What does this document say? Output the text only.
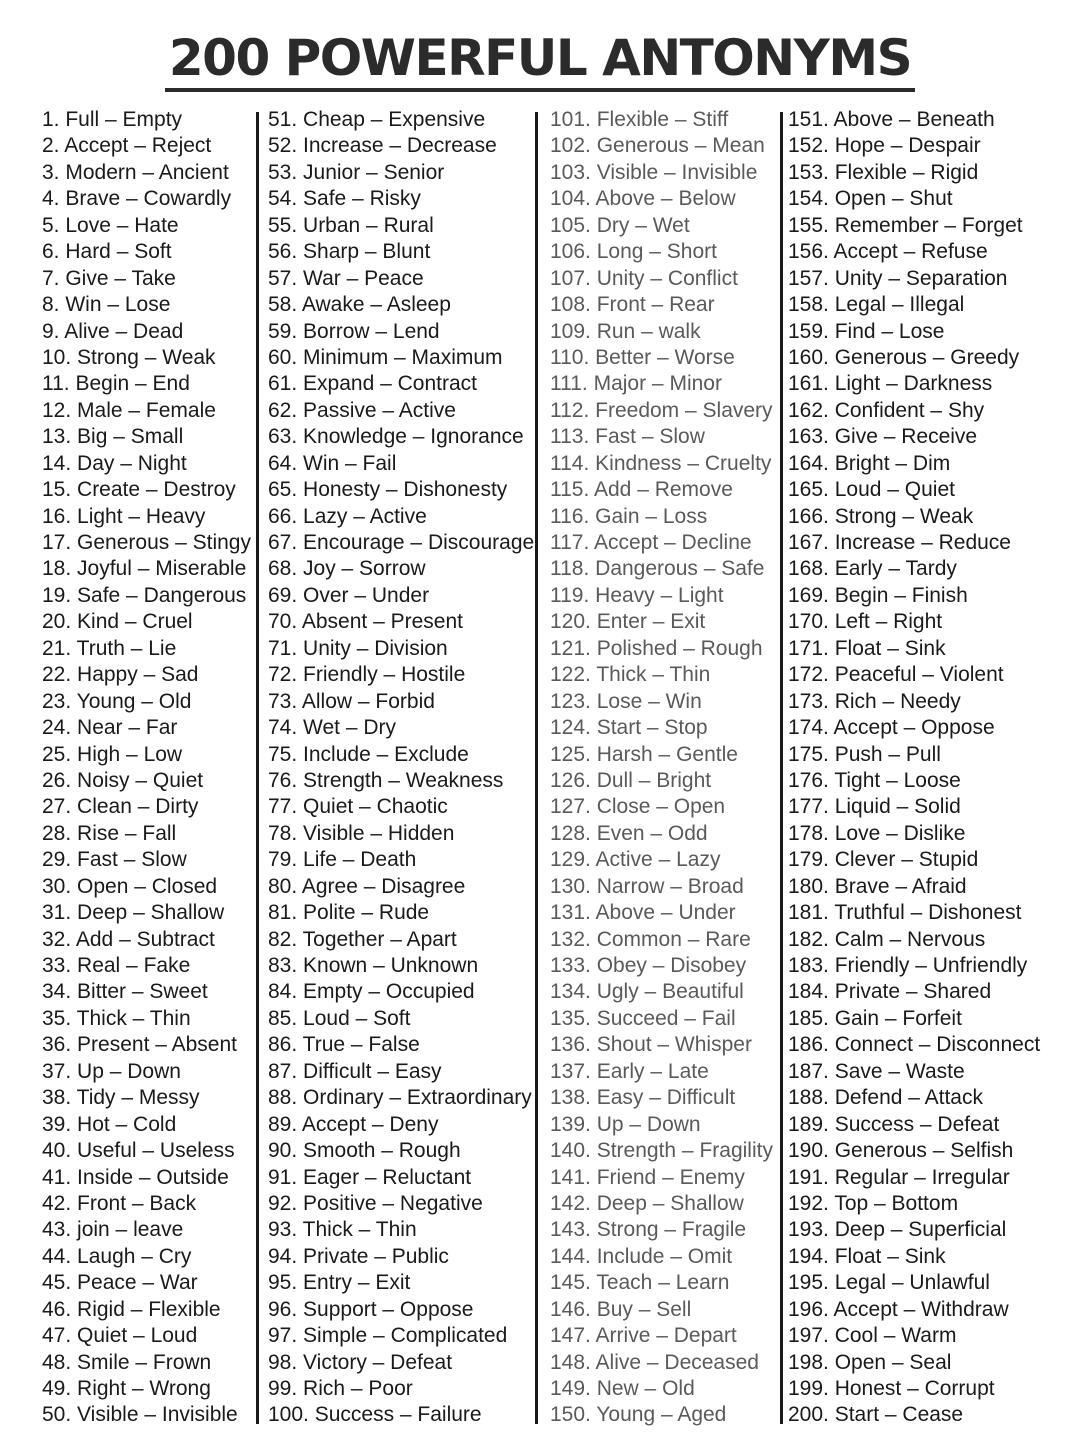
200 POWERFUL ANTONYMS
1. Full – Empty
2. Accept – Reject
3. Modern – Ancient
4. Brave – Cowardly
5. Love – Hate
6. Hard – Soft
7. Give – Take
8. Win – Lose
9. Alive – Dead
10. Strong – Weak
11. Begin – End
12. Male – Female
13. Big – Small
14. Day – Night
15. Create – Destroy
16. Light – Heavy
17. Generous – Stingy
18. Joyful – Miserable
19. Safe – Dangerous
20. Kind – Cruel
21. Truth – Lie
22. Happy – Sad
23. Young – Old
24. Near – Far
25. High – Low
26. Noisy – Quiet
27. Clean – Dirty
28. Rise – Fall
29. Fast – Slow
30. Open – Closed
31. Deep – Shallow
32. Add – Subtract
33. Real – Fake
34. Bitter – Sweet
35. Thick – Thin
36. Present – Absent
37. Up – Down
38. Tidy – Messy
39. Hot – Cold
40. Useful – Useless
41. Inside – Outside
42. Front – Back
43. join – leave
44. Laugh – Cry
45. Peace – War
46. Rigid – Flexible
47. Quiet – Loud
48. Smile – Frown
49. Right – Wrong
50. Visible – Invisible
51. Cheap – Expensive
52. Increase – Decrease
53. Junior – Senior
54. Safe – Risky
55. Urban – Rural
56. Sharp – Blunt
57. War – Peace
58. Awake – Asleep
59. Borrow – Lend
60. Minimum – Maximum
61. Expand – Contract
62. Passive – Active
63. Knowledge – Ignorance
64. Win – Fail
65. Honesty – Dishonesty
66. Lazy – Active
67. Encourage – Discourage
68. Joy – Sorrow
69. Over – Under
70. Absent – Present
71. Unity – Division
72. Friendly – Hostile
73. Allow – Forbid
74. Wet – Dry
75. Include – Exclude
76. Strength – Weakness
77. Quiet – Chaotic
78. Visible – Hidden
79. Life – Death
80. Agree – Disagree
81. Polite – Rude
82. Together – Apart
83. Known – Unknown
84. Empty – Occupied
85. Loud – Soft
86. True – False
87. Difficult – Easy
88. Ordinary – Extraordinary
89. Accept – Deny
90. Smooth – Rough
91. Eager – Reluctant
92. Positive – Negative
93. Thick – Thin
94. Private – Public
95. Entry – Exit
96. Support – Oppose
97. Simple – Complicated
98. Victory – Defeat
99. Rich – Poor
100. Success – Failure
101. Flexible – Stiff
102. Generous – Mean
103. Visible – Invisible
104. Above – Below
105. Dry – Wet
106. Long – Short
107. Unity – Conflict
108. Front – Rear
109. Run – walk
110. Better – Worse
111. Major – Minor
112. Freedom – Slavery
113. Fast – Slow
114. Kindness – Cruelty
115. Add – Remove
116. Gain – Loss
117. Accept – Decline
118. Dangerous – Safe
119. Heavy – Light
120. Enter – Exit
121. Polished – Rough
122. Thick – Thin
123. Lose – Win
124. Start – Stop
125. Harsh – Gentle
126. Dull – Bright
127. Close – Open
128. Even – Odd
129. Active – Lazy
130. Narrow – Broad
131. Above – Under
132. Common – Rare
133. Obey – Disobey
134. Ugly – Beautiful
135. Succeed – Fail
136. Shout – Whisper
137. Early – Late
138. Easy – Difficult
139. Up – Down
140. Strength – Fragility
141. Friend – Enemy
142. Deep – Shallow
143. Strong – Fragile
144. Include – Omit
145. Teach – Learn
146. Buy – Sell
147. Arrive – Depart
148. Alive – Deceased
149. New – Old
150. Young – Aged
151. Above – Beneath
152. Hope – Despair
153. Flexible – Rigid
154. Open – Shut
155. Remember – Forget
156. Accept – Refuse
157. Unity – Separation
158. Legal – Illegal
159. Find – Lose
160. Generous – Greedy
161. Light – Darkness
162. Confident – Shy
163. Give – Receive
164. Bright – Dim
165. Loud – Quiet
166. Strong – Weak
167. Increase – Reduce
168. Early – Tardy
169. Begin – Finish
170. Left – Right
171. Float – Sink
172. Peaceful – Violent
173. Rich – Needy
174. Accept – Oppose
175. Push – Pull
176. Tight – Loose
177. Liquid – Solid
178. Love – Dislike
179. Clever – Stupid
180. Brave – Afraid
181. Truthful – Dishonest
182. Calm – Nervous
183. Friendly – Unfriendly
184. Private – Shared
185. Gain – Forfeit
186. Connect – Disconnect
187. Save – Waste
188. Defend – Attack
189. Success – Defeat
190. Generous – Selfish
191. Regular – Irregular
192. Top – Bottom
193. Deep – Superficial
194. Float – Sink
195. Legal – Unlawful
196. Accept – Withdraw
197. Cool – Warm
198. Open – Seal
199. Honest – Corrupt
200. Start – Cease
